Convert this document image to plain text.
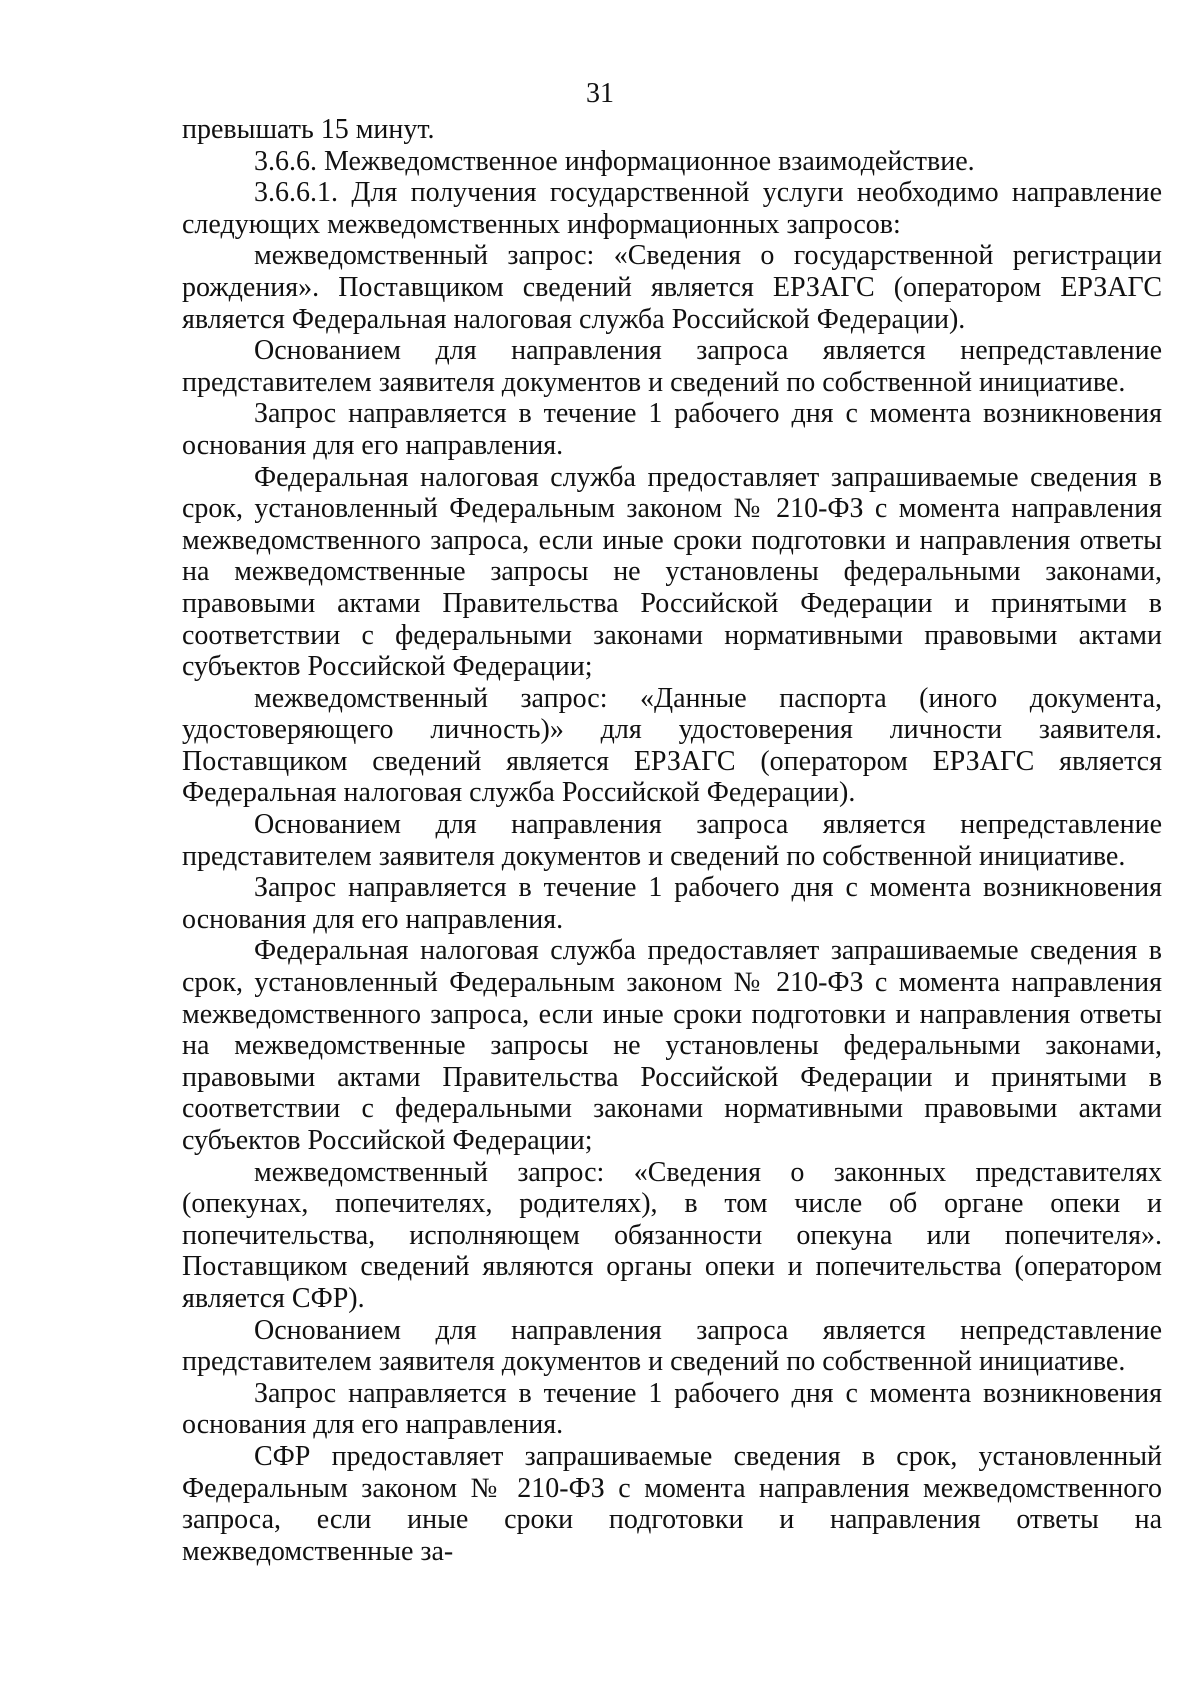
31

превышать 15 минут.

3.6.6. Межведомственное информационное взаимодействие.

3.6.6.1. Для получения государственной услуги необходимо направление следующих межведомственных информационных запросов:

межведомственный запрос: «Сведения о государственной регистрации рождения». Поставщиком сведений является ЕРЗАГС (оператором ЕРЗАГС является Федеральная налоговая служба Российской Федерации).

Основанием для направления запроса является непредставление представителем заявителя документов и сведений по собственной инициативе.

Запрос направляется в течение 1 рабочего дня с момента возникновения основания для его направления.

Федеральная налоговая служба предоставляет запрашиваемые сведения в срок, установленный Федеральным законом № 210-ФЗ с момента направления межведомственного запроса, если иные сроки подготовки и направления ответы на межведомственные запросы не установлены федеральными законами, правовыми актами Правительства Российской Федерации и принятыми в соответствии с федеральными законами нормативными правовыми актами субъектов Российской Федерации;

межведомственный запрос: «Данные паспорта (иного документа, удостоверяющего личность)» для удостоверения личности заявителя. Поставщиком сведений является ЕРЗАГС (оператором ЕРЗАГС является Федеральная налоговая служба Российской Федерации).

Основанием для направления запроса является непредставление представителем заявителя документов и сведений по собственной инициативе.

Запрос направляется в течение 1 рабочего дня с момента возникновения основания для его направления.

Федеральная налоговая служба предоставляет запрашиваемые сведения в срок, установленный Федеральным законом № 210-ФЗ с момента направления межведомственного запроса, если иные сроки подготовки и направления ответы на межведомственные запросы не установлены федеральными законами, правовыми актами Правительства Российской Федерации и принятыми в соответствии с федеральными законами нормативными правовыми актами субъектов Российской Федерации;

межведомственный запрос: «Сведения о законных представителях (опекунах, попечителях, родителях), в том числе об органе опеки и попечительства, исполняющем обязанности опекуна или попечителя». Поставщиком сведений являются органы опеки и попечительства (оператором является СФР).

Основанием для направления запроса является непредставление представителем заявителя документов и сведений по собственной инициативе.

Запрос направляется в течение 1 рабочего дня с момента возникновения основания для его направления.

СФР предоставляет запрашиваемые сведения в срок, установленный Федеральным законом № 210-ФЗ с момента направления межведомственного запроса, если иные сроки подготовки и направления ответы на межведомственные за-
